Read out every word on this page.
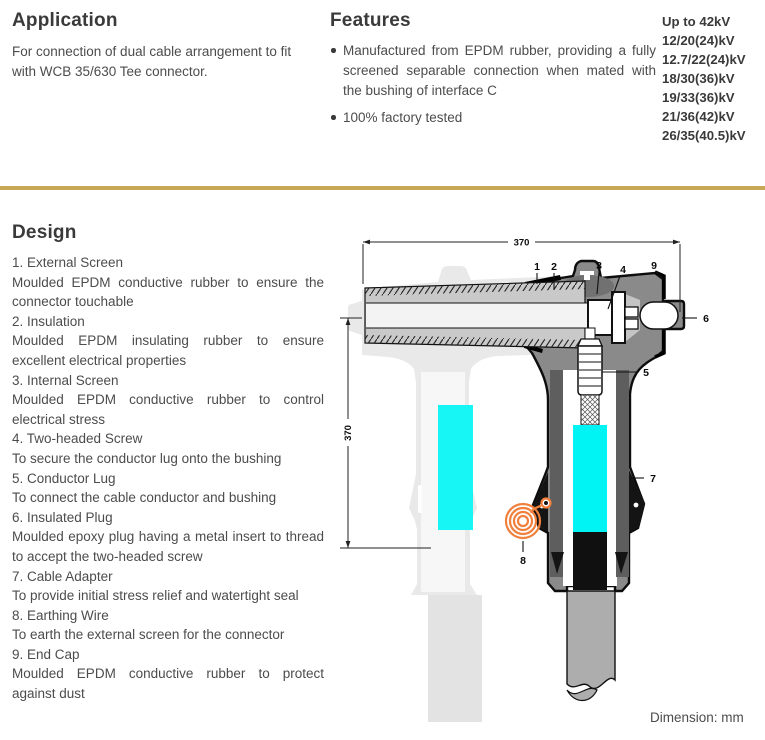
Application

For connection of dual cable arrangement to fit with WCB 35/630 Tee connector.

Features
Manufactured from EPDM rubber, providing a fully screened separable connection when mated with the bushing of interface C
100% factory tested
Up to 42kV
12/20(24)kV
12.7/22(24)kV
18/30(36)kV
19/33(36)kV
21/36(42)kV
26/35(40.5)kV
Design

1. External Screen

Moulded EPDM conductive rubber to ensure the connector touchable

2. Insulation

Moulded EPDM insulating rubber to ensure excellent electrical properties

3. Internal Screen

Moulded EPDM conductive rubber to control electrical stress

4. Two-headed Screw

To secure the conductor lug onto the bushing

5. Conductor Lug

To connect the cable conductor and bushing

6. Insulated Plug

Moulded epoxy plug having a metal insert to thread to accept the two-headed screw

7. Cable Adapter

To provide initial stress relief and watertight seal

8. Earthing Wire

To earth the external screen for the connector

9. End Cap

Moulded EPDM conductive rubber to protect against dust

370
370
1 2	3 4
5
6
7
8
9
Dimension: mm
